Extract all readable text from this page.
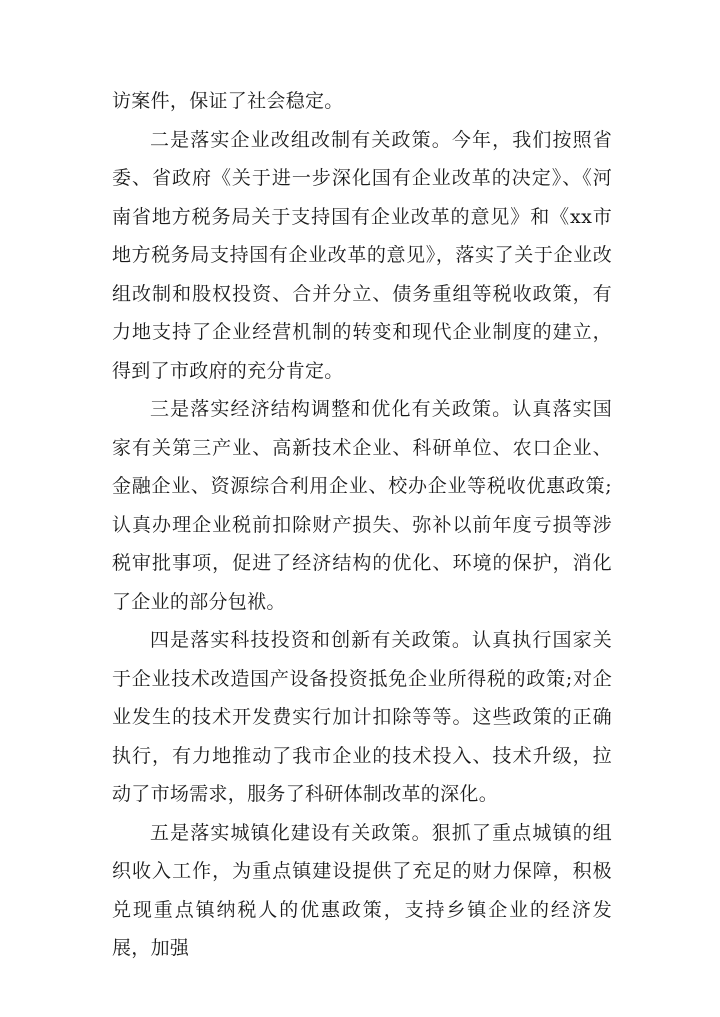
访案件，保证了社会稳定。

二是落实企业改组改制有关政策。今年，我们按照省委、省政府《关于进一步深化国有企业改革的决定》、《河南省地方税务局关于支持国有企业改革的意见》和《xx市地方税务局支持国有企业改革的意见》，落实了关于企业改组改制和股权投资、合并分立、债务重组等税收政策，有力地支持了企业经营机制的转变和现代企业制度的建立，得到了市政府的充分肯定。

三是落实经济结构调整和优化有关政策。认真落实国家有关第三产业、高新技术企业、科研单位、农口企业、金融企业、资源综合利用企业、校办企业等税收优惠政策;认真办理企业税前扣除财产损失、弥补以前年度亏损等涉税审批事项，促进了经济结构的优化、环境的保护，消化了企业的部分包袱。

四是落实科技投资和创新有关政策。认真执行国家关于企业技术改造国产设备投资抵免企业所得税的政策;对企业发生的技术开发费实行加计扣除等等。这些政策的正确执行，有力地推动了我市企业的技术投入、技术升级，拉动了市场需求，服务了科研体制改革的深化。

五是落实城镇化建设有关政策。狠抓了重点城镇的组织收入工作，为重点镇建设提供了充足的财力保障，积极兑现重点镇纳税人的优惠政策，支持乡镇企业的经济发展，加强
